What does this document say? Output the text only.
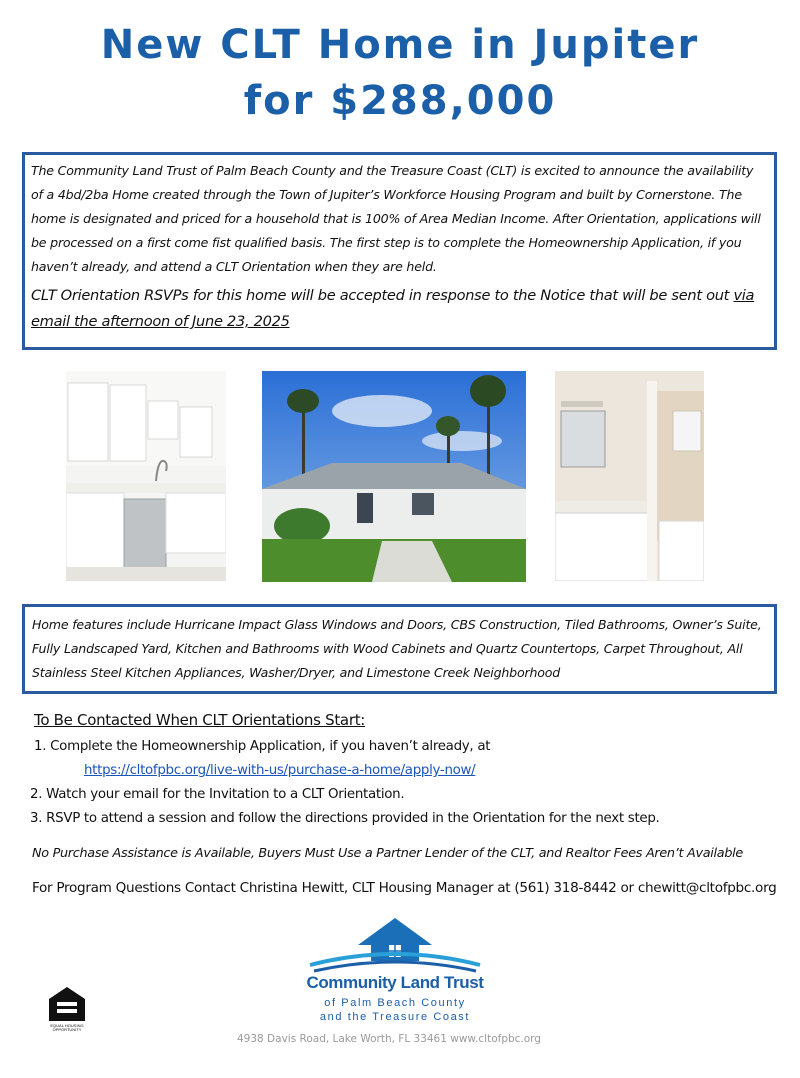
New CLT Home in Jupiter
for $288,000

The Community Land Trust of Palm Beach County and the Treasure Coast (CLT) is excited to announce the availability of a 4bd/2ba Home created through the Town of Jupiter’s Workforce Housing Program and built by Cornerstone. The home is designated and priced for a household that is 100% of Area Median Income. After Orientation, applications will be processed on a first come fist qualified basis. The first step is to complete the Homeownership Application, if you haven’t already, and attend a CLT Orientation when they are held.

CLT Orientation RSVPs for this home will be accepted in response to the Notice that will be sent out via email the afternoon of June 23, 2025

Home features include Hurricane Impact Glass Windows and Doors, CBS Construction, Tiled Bathrooms, Owner’s Suite, Fully Landscaped Yard, Kitchen and Bathrooms with Wood Cabinets and Quartz Countertops, Carpet Throughout, All Stainless Steel Kitchen Appliances, Washer/Dryer, and Limestone Creek Neighborhood

To Be Contacted When CLT Orientations Start:
1. Complete the Homeownership Application, if you haven’t already, at
https://cltofpbc.org/live-with-us/purchase-a-home/apply-now/
2. Watch your email for the Invitation to a CLT Orientation.
3. RSVP to attend a session and follow the directions provided in the Orientation for the next step.
No Purchase Assistance is Available, Buyers Must Use a Partner Lender of the CLT, and Realtor Fees Aren’t Available
For Program Questions Contact Christina Hewitt, CLT Housing Manager at (561) 318-8442 or chewitt@cltofpbc.org
Community Land Trust
of Palm Beach County
and the Treasure Coast
4938 Davis Road, Lake Worth, FL 33461 www.cltofpbc.org
EQUAL HOUSING
OPPORTUNITY
